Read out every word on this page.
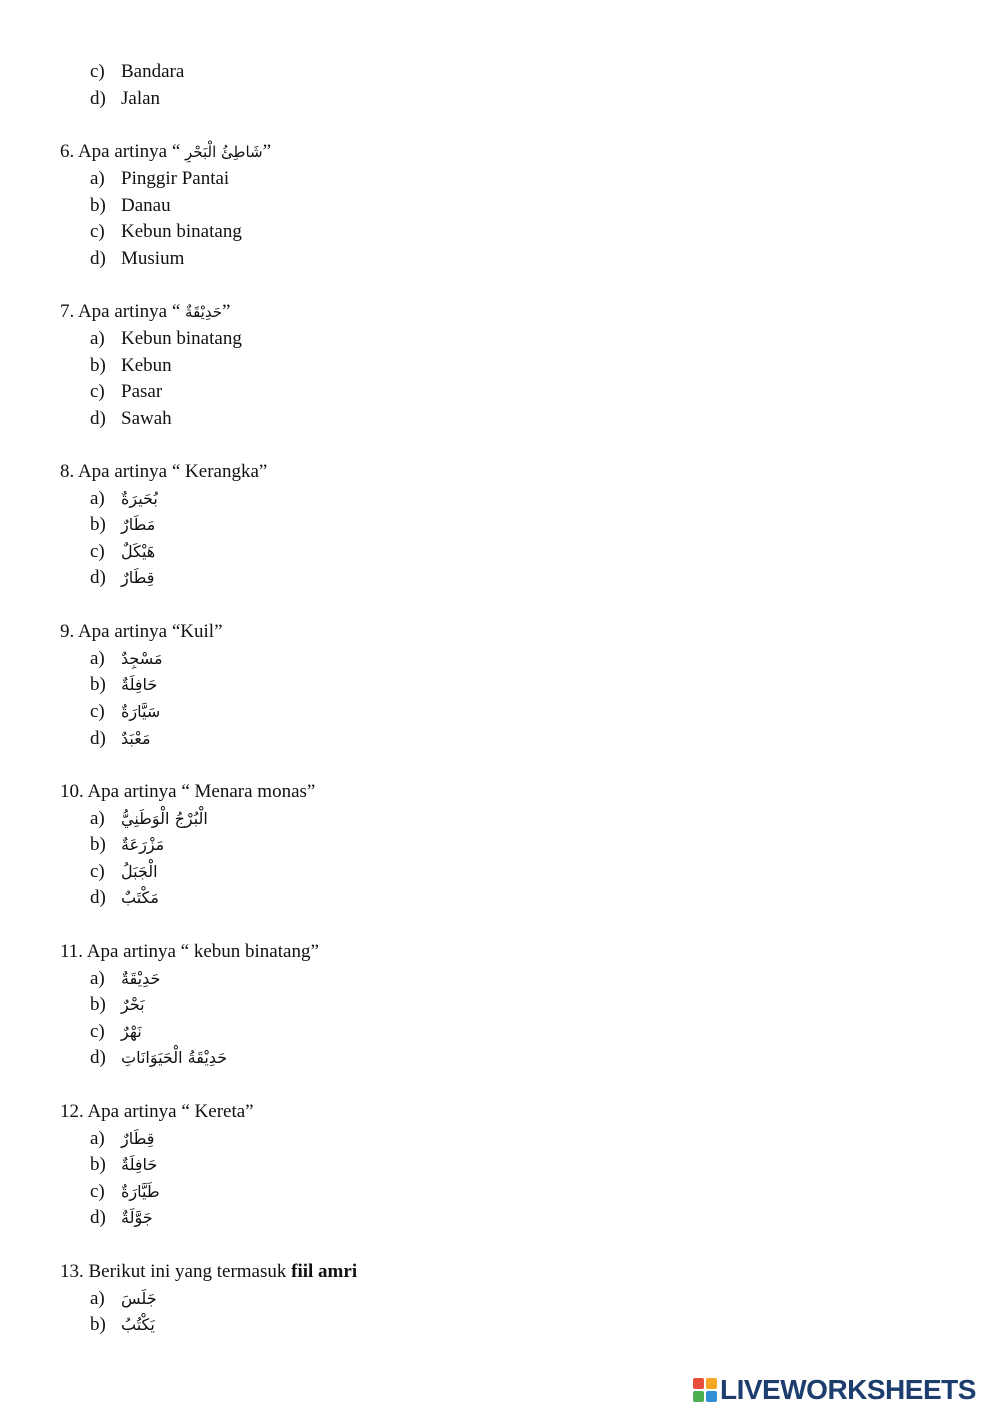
c) Bandara
d) Jalan
6. Apa artinya “ شَاطِئُ الْبَحْرِ”
a) Pinggir Pantai
b) Danau
c) Kebun binatang
d) Musium
7. Apa artinya “ حَدِيْقَةٌ”
a) Kebun binatang
b) Kebun
c) Pasar
d) Sawah
8. Apa artinya “ Kerangka”
a)	بُحَيرَةٌ
b) مَطَارٌ
c)	هَيْكَلٌ
d) قِطَارٌ
9. Apa artinya “Kuil”
a)	مَسْجِدٌ
b) حَافِلَةٌ
c)	سَيَّارَةٌ
d) مَعْبَدٌ
10. Apa artinya “ Menara monas”
a)	الْبُرْجُ الْوَطَنِيُّ
b) مَزْرَعَةٌ
c)	الْجَبَلُ
d) مَكْتَبٌ
11. Apa artinya “ kebun binatang”
a)	حَدِيْقَةٌ
b) بَحْرٌ
c)	نَهْرٌ
d) حَدِيْقَةُ الْحَيَوَانَاتِ
12. Apa artinya “ Kereta”
a)	قِطَارٌ
b) حَافِلَةٌ
c)	طَيَّارَةٌ
d) جَوَّلَةٌ
13. Berikut ini yang termasuk fiil amri
a)	جَلَسَ
b) يَكْتُبُ
LIVEWORKSHEETS
